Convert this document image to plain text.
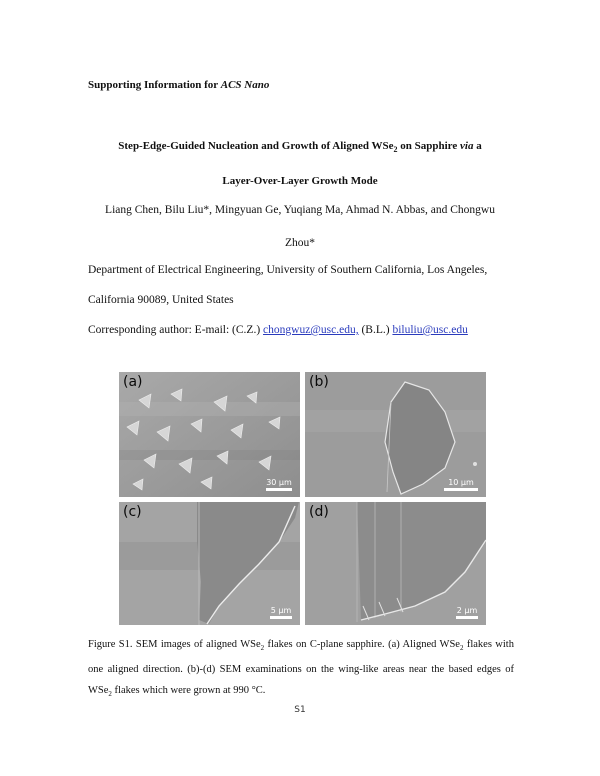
Supporting Information for ACS Nano
Step-Edge-Guided Nucleation and Growth of Aligned WSe$_2$ on Sapphire via a
Layer-Over-Layer Growth Mode
Liang Chen, Bilu Liu*, Mingyuan Ge, Yuqiang Ma, Ahmad N. Abbas, and Chongwu
Zhou*
Department of Electrical Engineering, University of Southern California, Los Angeles,
California 90089, United States
Corresponding author: E-mail: (C.Z.) chongwuz@usc.edu, (B.L.) biluliu@usc.edu
(a)
30 µm
(b)
10 µm
(c)
5 µm
(d)
2 µm
Figure S1. SEM images of aligned WSe$_2$ flakes on C-plane sapphire. (a) Aligned WSe$_2$ flakes with one aligned direction. (b)-(d) SEM examinations on the wing-like areas near the based edges of WSe$_2$ flakes which were grown at 990 °C.
S1
